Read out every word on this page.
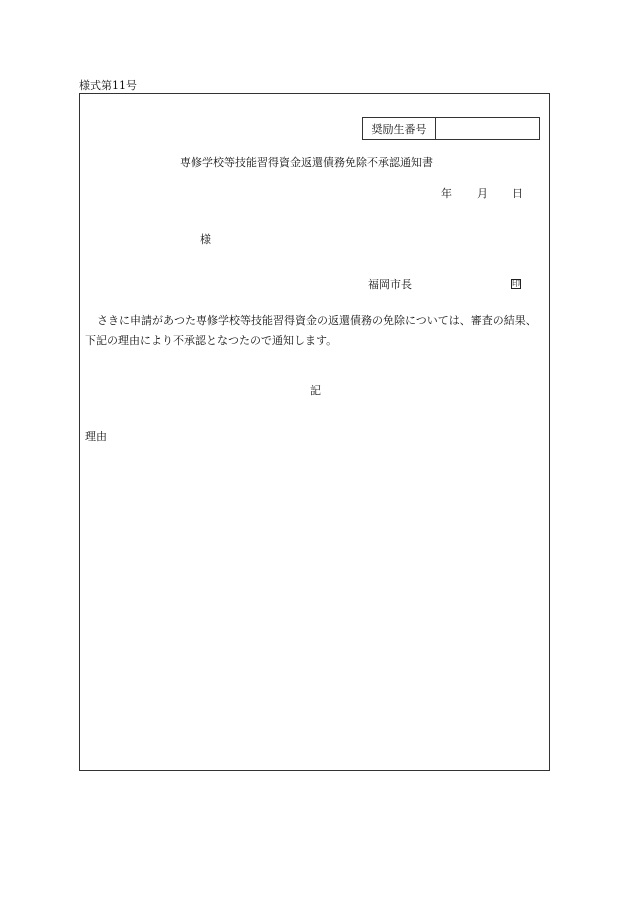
様式第11号
奨励生番号
専修学校等技能習得資金返還債務免除不承認通知書
年 月 日
様
福岡市長	印
さきに申請があつた専修学校等技能習得資金の返還債務の免除については、審査の結果、下記の理由により不承認となつたので通知します。
記
理由
